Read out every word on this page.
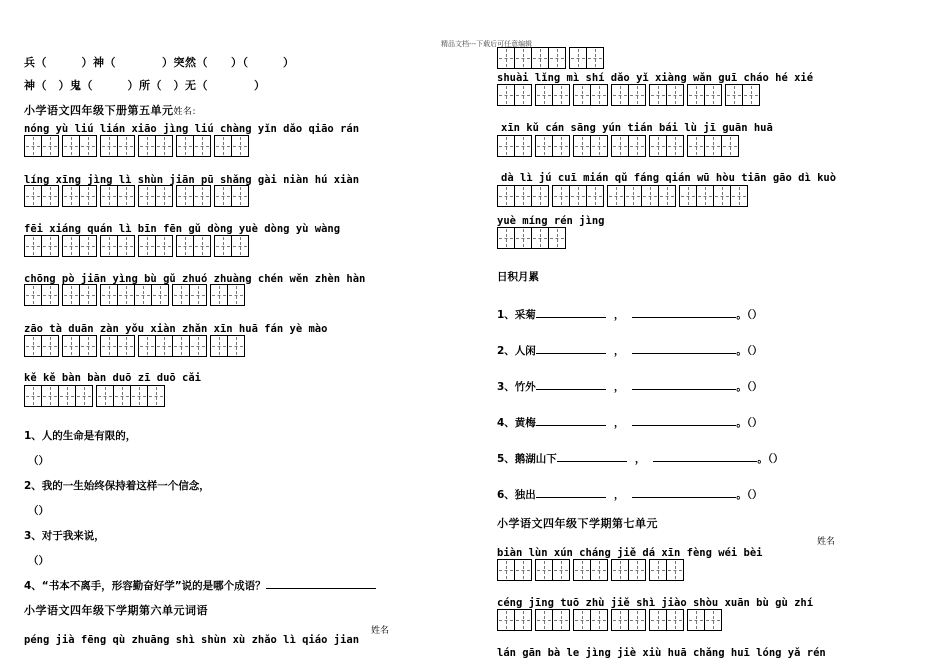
精品文档---下载后可任意编辑
兵（　　　）神（　　　　）突然（　　）（　　　）
神（　）鬼（　　　）所（　）无（　　　　）
小学语文四年级下册第五单元姓名:
nóng yù liú lián xiāo jìng liú chàng yǐn dǎo qiāo rán
líng xīng jìng lì shùn jiān pū shǎng gài niàn hú xiàn
fēi xiáng quán lì bīn fēn gǔ dòng yuè dòng yù wàng
chōng pò jiān yìng bù gǔ zhuó zhuàng chén wěn zhèn hàn
zāo tà duān zàn yǒu xiàn zhǎn xīn huā fán yè mào
kě kě bàn bàn duō zī duō cǎi
1、人的生命是有限的，
（）
2、我的一生始终保持着这样一个信念，
（）
3、对于我来说，
（）
4、“书本不离手，形容勤奋好学”说的是哪个成语？
小学语文四年级下学期第六单元词语
姓名
péng jià fēng qù zhuāng shì shùn xù zhǎo lì qiáo jian
shuài lǐng mì shí dǎo yǐ xiàng wǎn guī cháo hé xié
xīn kǔ cán sāng yún tián bái lù jī guān huā
dà lì jú cuī mián qǔ fáng qián wū hòu tiān gāo dì kuò
yuè míng rén jìng
日积月累
1、采菊	，	。（）
2、人闲	，	。（）
3、竹外	，	。（）
4、黄梅	，	。（）
5、鹅湖山下	，	。（）
6、独出	，	。（）
小学语文四年级下学期第七单元
姓名
biàn lùn xún cháng jiě dá xīn fèng wéi bèi
céng jīng tuō zhù jiě shì jiào shòu xuān bù gù zhí
lán gān bà le jìng jiè xiù huā chǎng huī lóng yǎ rén
